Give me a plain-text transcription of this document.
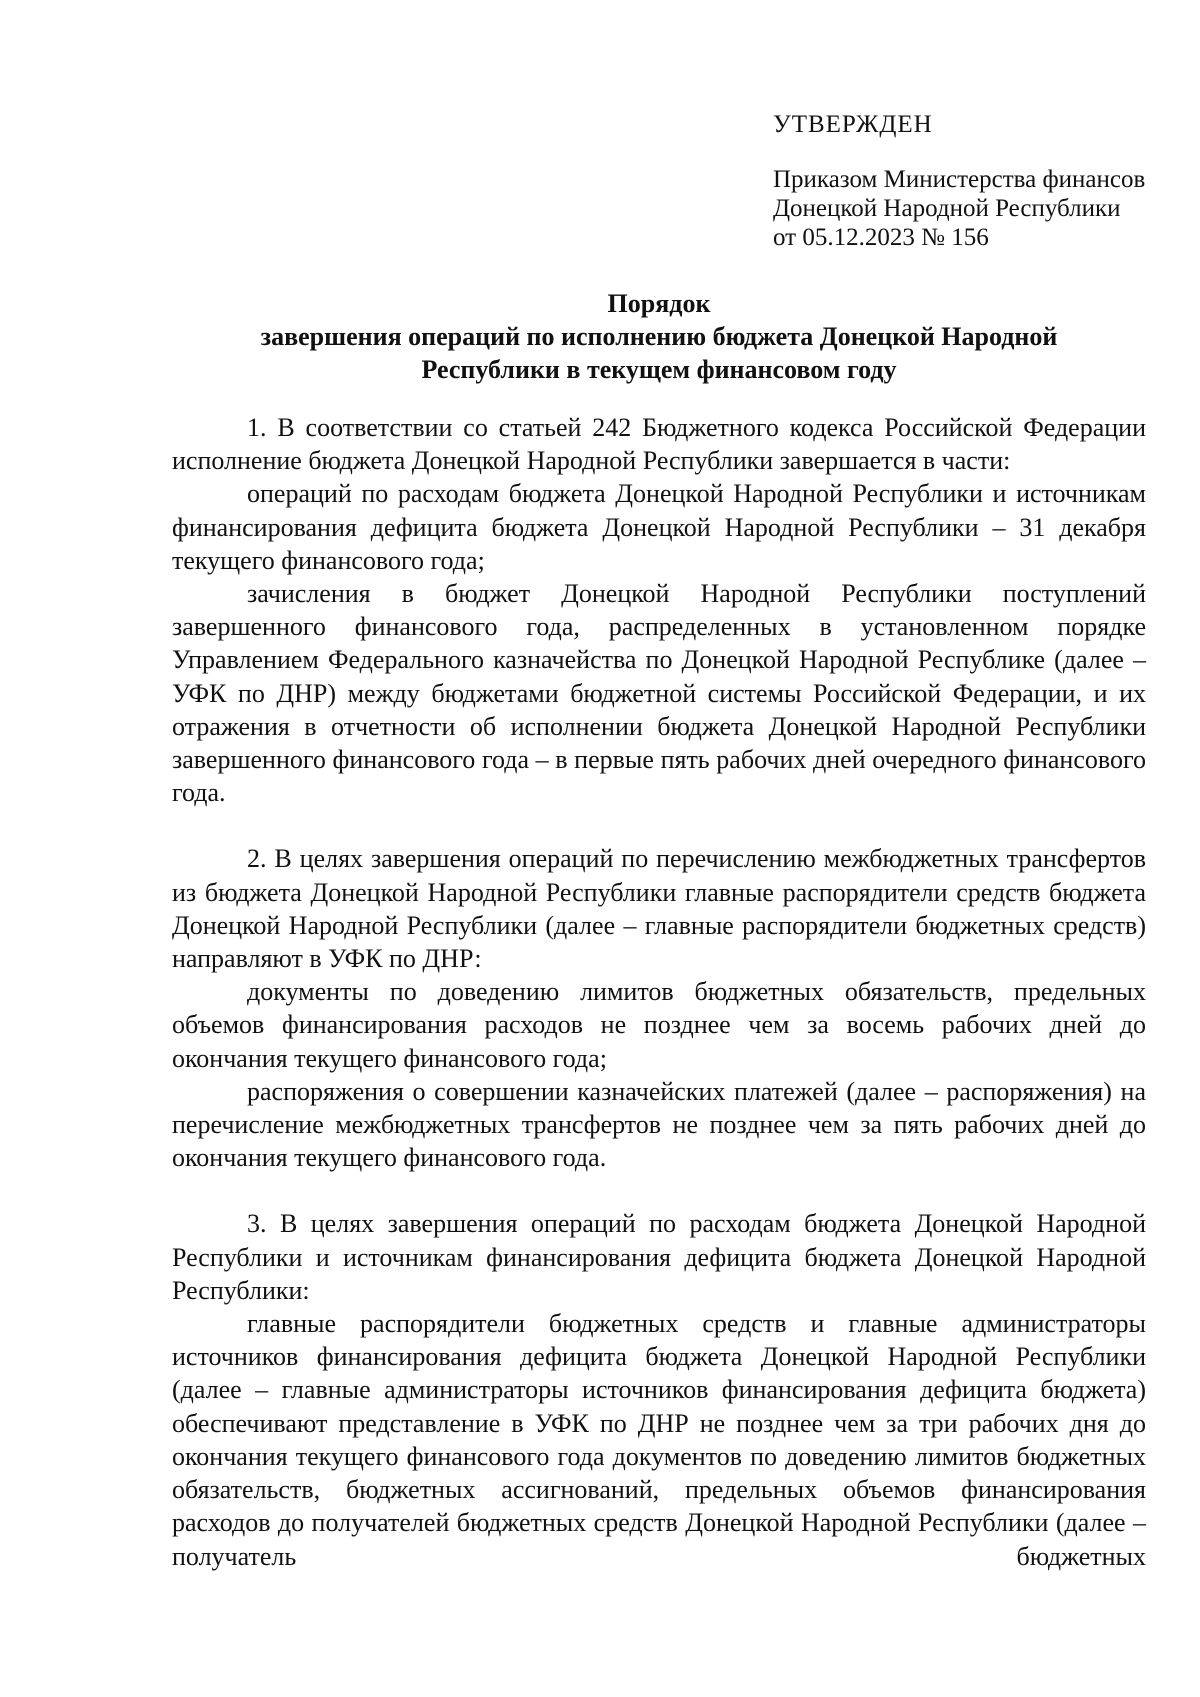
УТВЕРЖДЕН
Приказом Министерства финансов
Донецкой Народной Республики
от 05.12.2023 № 156
Порядок
завершения операций по исполнению бюджета Донецкой Народной
Республики в текущем финансовом году

1. В соответствии со статьей 242 Бюджетного кодекса Российской Федерации исполнение бюджета Донецкой Народной Республики завершается в части:

операций по расходам бюджета Донецкой Народной Республики и источникам финансирования дефицита бюджета Донецкой Народной Республики – 31 декабря текущего финансового года;

зачисления в бюджет Донецкой Народной Республики поступлений завершенного финансового года, распределенных в установленном порядке Управлением Федерального казначейства по Донецкой Народной Республике (далее – УФК по ДНР) между бюджетами бюджетной системы Российской Федерации, и их отражения в отчетности об исполнении бюджета Донецкой Народной Республики завершенного финансового года – в первые пять рабочих дней очередного финансового года.

2. В целях завершения операций по перечислению межбюджетных трансфертов из бюджета Донецкой Народной Республики главные распорядители средств бюджета Донецкой Народной Республики (далее – главные распорядители бюджетных средств) направляют в УФК по ДНР:

документы по доведению лимитов бюджетных обязательств, предельных объемов финансирования расходов не позднее чем за восемь рабочих дней до окончания текущего финансового года;

распоряжения о совершении казначейских платежей (далее – распоряжения) на перечисление межбюджетных трансфертов не позднее чем за пять рабочих дней до окончания текущего финансового года.

3. В целях завершения операций по расходам бюджета Донецкой Народной Республики и источникам финансирования дефицита бюджета Донецкой Народной Республики:

главные распорядители бюджетных средств и главные администраторы источников финансирования дефицита бюджета Донецкой Народной Республики (далее – главные администраторы источников финансирования дефицита бюджета) обеспечивают представление в УФК по ДНР не позднее чем за три рабочих дня до окончания текущего финансового года документов по доведению лимитов бюджетных обязательств, бюджетных ассигнований, предельных объемов финансирования расходов до получателей бюджетных средств Донецкой Народной Республики (далее – получатель бюджетных
